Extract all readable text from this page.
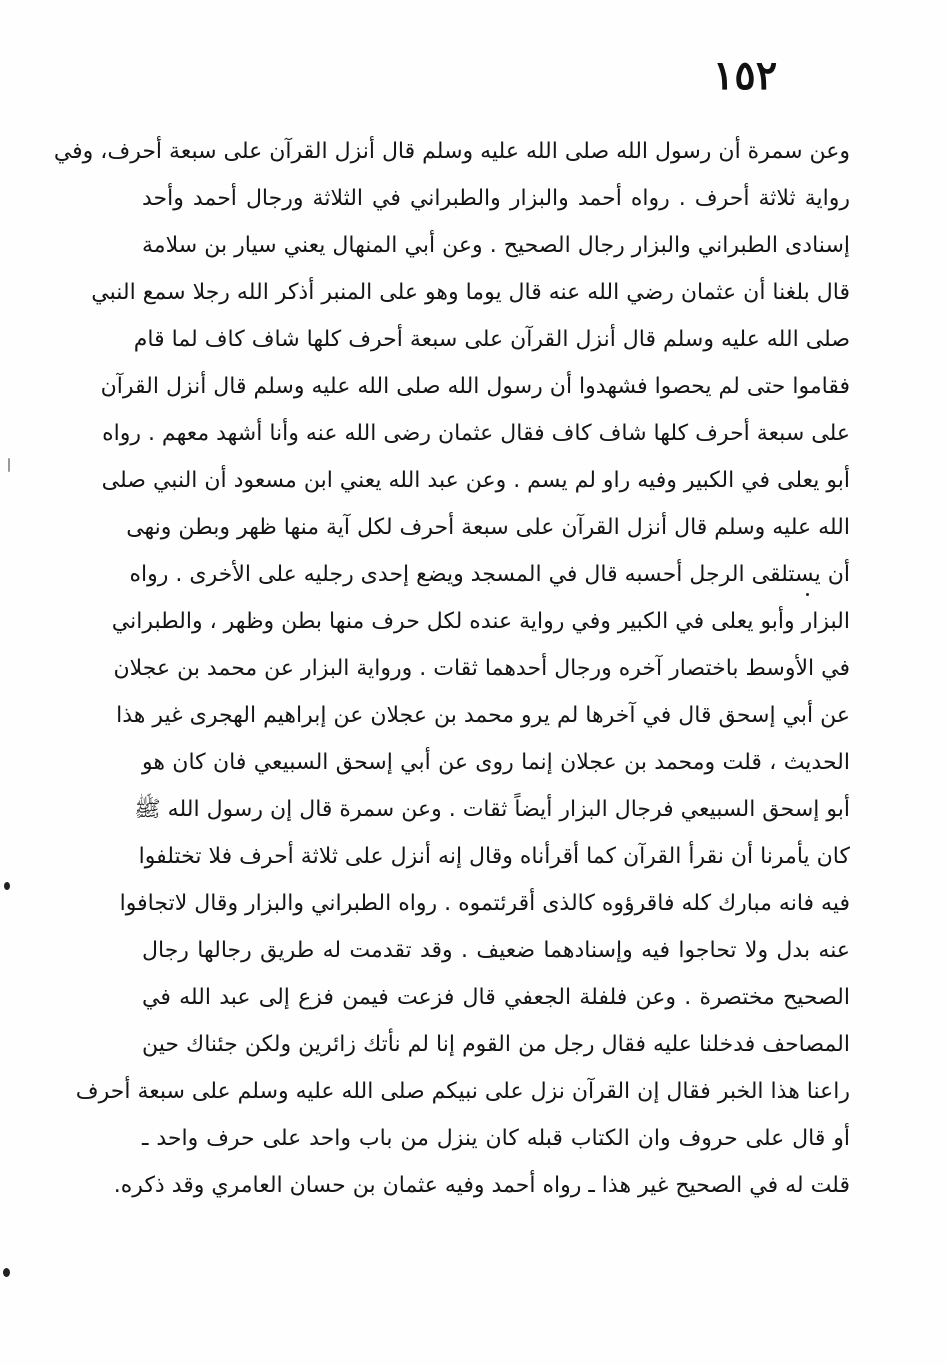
١٥٢
وعن سمرة أن رسول الله صلى الله عليه وسلم قال أنزل القرآن على سبعة أحرف، وفي
رواية ثلاثة أحرف . رواه أحمد والبزار والطبراني في الثلاثة ورجال أحمد وأحد
إسنادى الطبراني والبزار رجال الصحيح . وعن أبي المنهال يعني سيار بن سلامة
قال بلغنا أن عثمان رضي الله عنه قال يوما وهو على المنبر أذكر الله رجلا سمع النبي
صلى الله عليه وسلم قال أنزل القرآن على سبعة أحرف كلها شاف كاف لما قام
فقاموا حتى لم يحصوا فشهدوا أن رسول الله صلى الله عليه وسلم قال أنزل القرآن
على سبعة أحرف كلها شاف كاف فقال عثمان رضى الله عنه وأنا أشهد معهم . رواه
أبو يعلى في الكبير وفيه راو لم يسم . وعن عبد الله يعني ابن مسعود أن النبي صلى
الله عليه وسلم قال أنزل القرآن على سبعة أحرف لكل آية منها ظهر وبطن ونهى
أن يستلقى الرجل أحسبه قال في المسجد ويضع إحدى رجليه على الأخرى . رواه
البزار وأبو يعلى في الكبير وفي رواية عنده لكل حرف منها بطن وظهر ، والطبراني
في الأوسط باختصار آخره ورجال أحدهما ثقات . ورواية البزار عن محمد بن عجلان
عن أبي إسحق قال في آخرها لم يرو محمد بن عجلان عن إبراهيم الهجرى غير هذا
الحديث ، قلت ومحمد بن عجلان إنما روى عن أبي إسحق السبيعي فان كان هو
أبو إسحق السبيعي فرجال البزار أيضاً ثقات . وعن سمرة قال إن رسول الله ﷺ
كان يأمرنا أن نقرأ القرآن كما أقرأناه وقال إنه أنزل على ثلاثة أحرف فلا تختلفوا
فيه فانه مبارك كله فاقرؤوه كالذى أقرئتموه . رواه الطبراني والبزار وقال لاتجافوا
عنه بدل ولا تحاجوا فيه وإسنادهما ضعيف . وقد تقدمت له طريق رجالها رجال
الصحيح مختصرة . وعن فلفلة الجعفي قال فزعت فيمن فزع إلى عبد الله في
المصاحف فدخلنا عليه فقال رجل من القوم إنا لم نأتك زائرين ولكن جئناك حين
راعنا هذا الخبر فقال إن القرآن نزل على نبيكم صلى الله عليه وسلم على سبعة أحرف
أو قال على حروف وان الكتاب قبله كان ينزل من باب واحد على حرف واحد ـ
قلت له في الصحيح غير هذا ـ رواه أحمد وفيه عثمان بن حسان العامري وقد ذكره.
